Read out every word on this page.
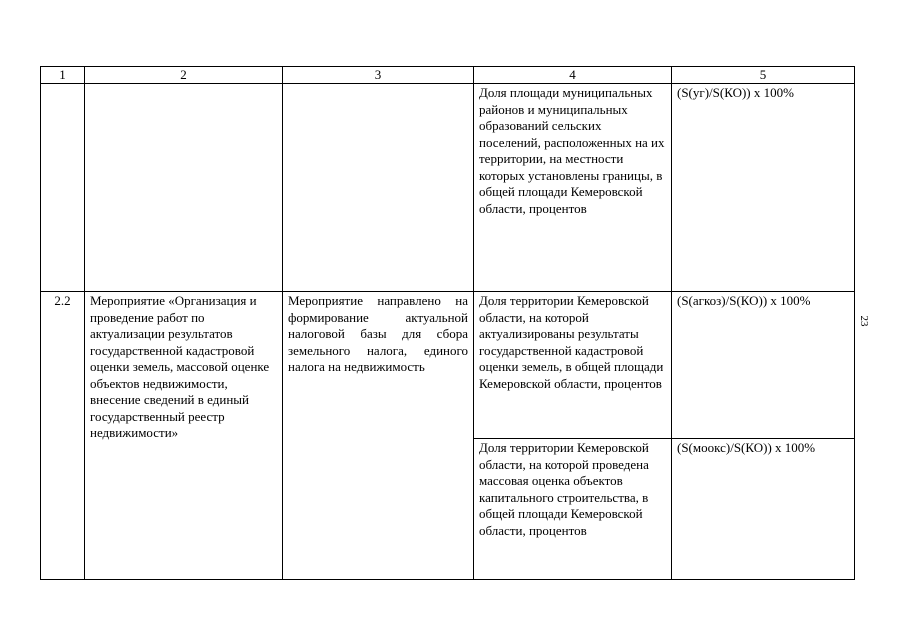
1	2	3	4	5
			Доля площади муниципальных районов и муниципальных образований сельских поселений, расположенных на их территории, на местности которых установлены границы, в общей площади Кемеровской области, процентов	(S(уг)/S(КО)) x 100%
2.2	Мероприятие «Организация и проведение работ по актуализации результатов государственной кадастровой оценки земель, массовой оценке объектов недвижимости, внесение сведений в единый государственный реестр недвижимости»	Мероприятие направлено на формирование актуальной налоговой базы для сбора земельного налога, единого налога на недвижимость	Доля территории Кемеровской области, на которой актуализированы результаты государственной кадастровой оценки земель, в общей площади Кемеровской области, процентов	(S(агкоз)/S(КО)) x 100%
			Доля территории Кемеровской области, на которой проведена массовая оценка объектов капитального строительства, в общей площади Кемеровской области, процентов	(S(моокс)/S(КО)) x 100%
23
